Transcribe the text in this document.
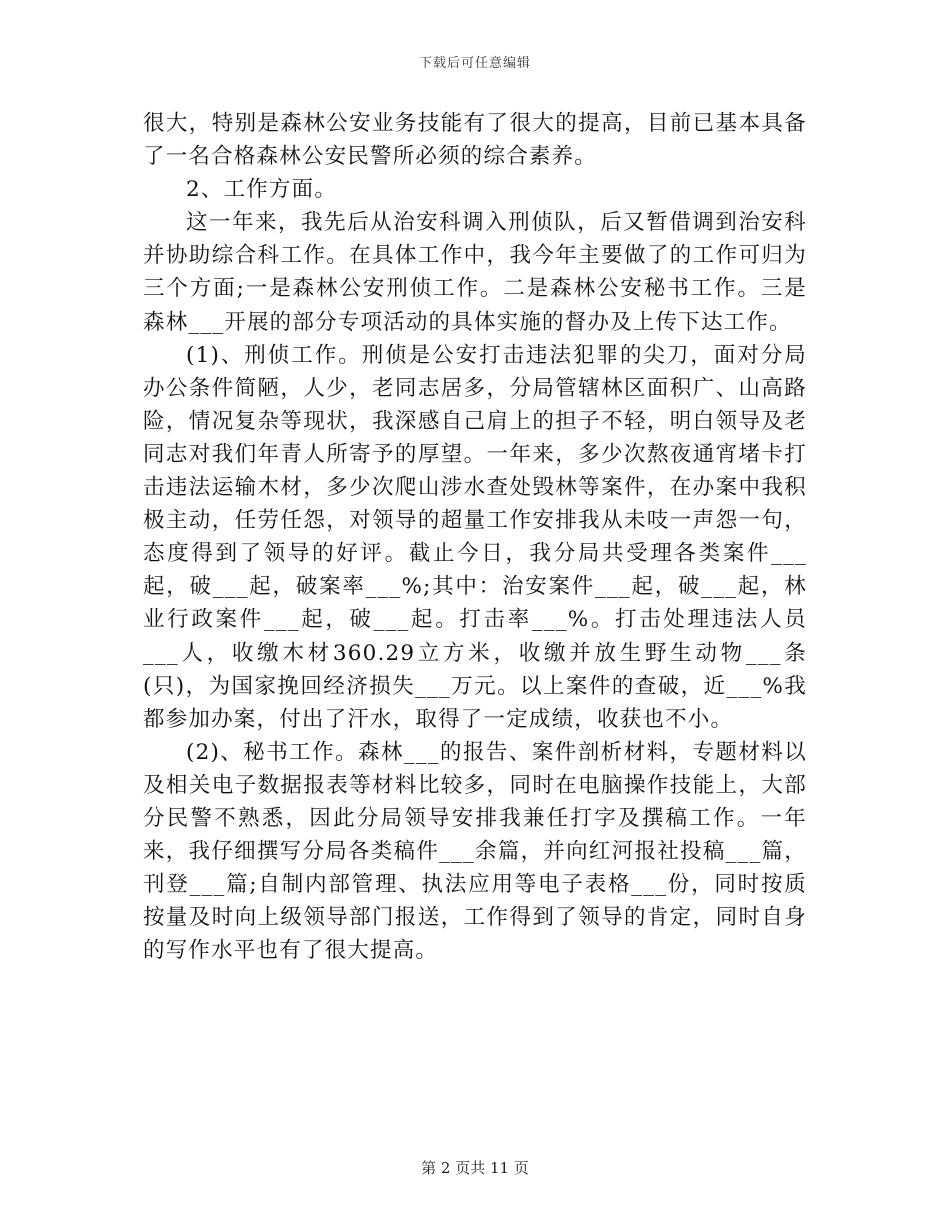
下载后可任意编辑

很大，特别是森林公安业务技能有了很大的提高，目前已基本具备了一名合格森林公安民警所必须的综合素养。

2、工作方面。

这一年来，我先后从治安科调入刑侦队，后又暂借调到治安科并协助综合科工作。在具体工作中，我今年主要做了的工作可归为三个方面;一是森林公安刑侦工作。二是森林公安秘书工作。三是森林___开展的部分专项活动的具体实施的督办及上传下达工作。

(1)、刑侦工作。刑侦是公安打击违法犯罪的尖刀，面对分局办公条件简陋，人少，老同志居多，分局管辖林区面积广、山高路险，情况复杂等现状，我深感自己肩上的担子不轻，明白领导及老同志对我们年青人所寄予的厚望。一年来，多少次熬夜通宵堵卡打击违法运输木材，多少次爬山涉水查处毁林等案件，在办案中我积极主动，任劳任怨，对领导的超量工作安排我从未吱一声怨一句，态度得到了领导的好评。截止今日，我分局共受理各类案件___起，破___起，破案率___%;其中：治安案件___起，破___起，林业行政案件___起，破___起。打击率___%。打击处理违法人员___人，收缴木材360.29立方米，收缴并放生野生动物___条(只)，为国家挽回经济损失___万元。以上案件的查破，近___%我都参加办案，付出了汗水，取得了一定成绩，收获也不小。

(2)、秘书工作。森林___的报告、案件剖析材料，专题材料以及相关电子数据报表等材料比较多，同时在电脑操作技能上，大部分民警不熟悉，因此分局领导安排我兼任打字及撰稿工作。一年来，我仔细撰写分局各类稿件___余篇，并向红河报社投稿___篇，刊登___篇;自制内部管理、执法应用等电子表格___份，同时按质按量及时向上级领导部门报送，工作得到了领导的肯定，同时自身的写作水平也有了很大提高。

第 2 页共 11 页
